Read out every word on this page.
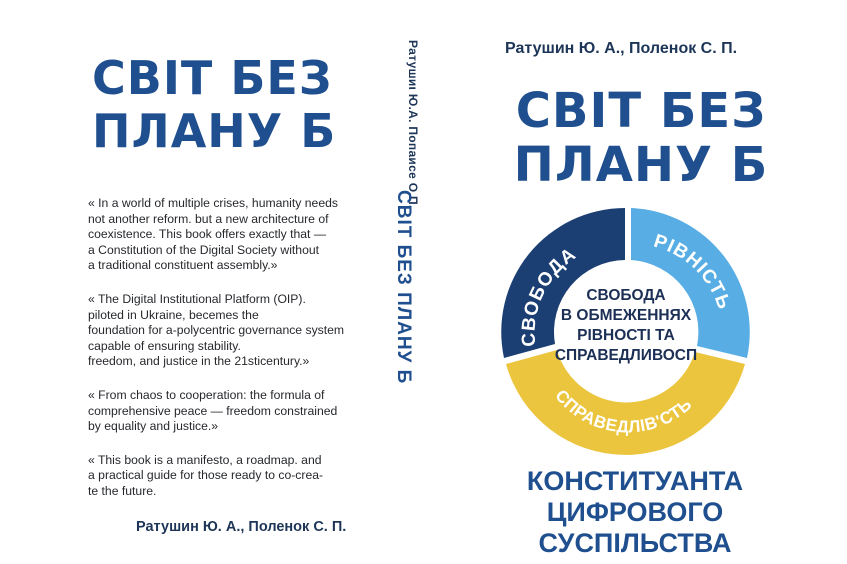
СВІТ БЕЗ
ПЛАНУ Б

« In a world of multiple crises, humanity needs
not another reform. but a new architecture of
coexistence. This book offers exactly that —
a Constitution of the Digital Society without
a traditional constituent assembly.»

« The Digital Institutional Platform (OIP).
piloted in Ukraine, becemes the
foundation for a-polycentric governance system
capable of ensuring stability.
freedom, and justice in the 21sticentury.»

« From chaos to cooperation: the formula of
comprehensive peace — freedom constrained
by equality and justice.»

« This book is a manifesto, a roadmap. and
a practical guide for those ready to co-crea-
te the future.

Ратушин Ю. А., Поленок С. П.
Ратушиι Ю.А. Попаисе О.П.
СВІТ БЕЗ ПЛАНУ Б
Ратушин Ю. А., Поленок С. П.
СВІТ БЕЗ
ПЛАНУ Б
СВОБОДА
РІВНІСТЬ
СПРАВЕДЛІВ'СТЬ
СВОБОДА
В ОБМЕЖЕННЯХ
РІВНОСТІ ТА
СПРАВЕДЛИВОСП
КОНСТИТУАНТА
ЦИФРОВОГО
СУСПІЛЬСТВА
